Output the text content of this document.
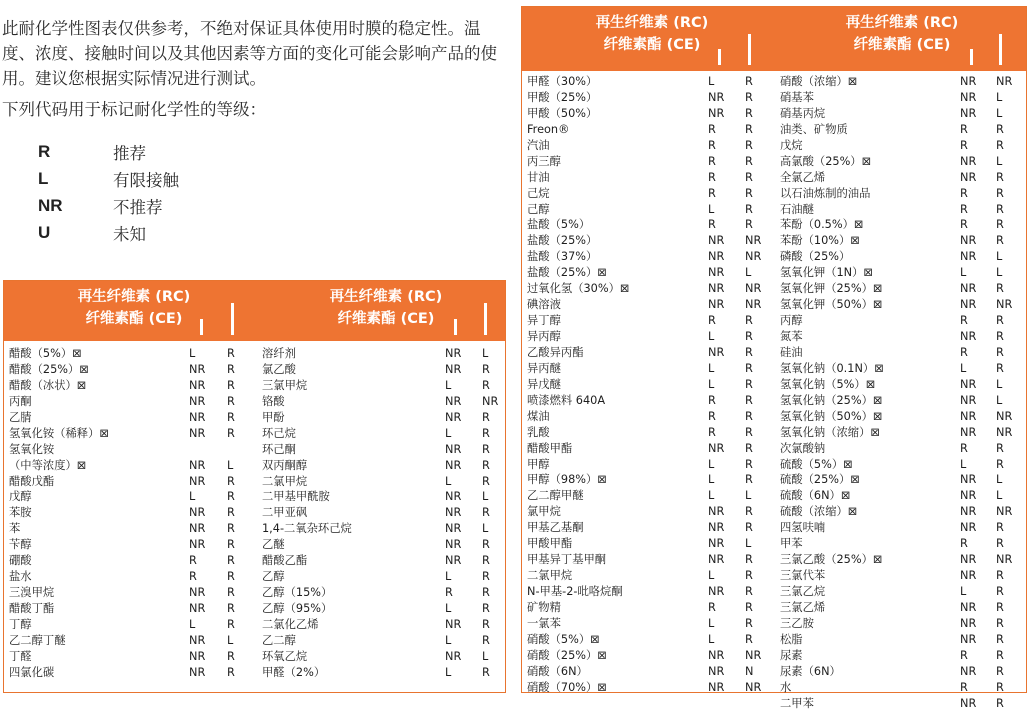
此耐化学性图表仅供参考，不绝对保证具体使用时膜的稳定性。温度、浓度、接触时间以及其他因素等方面的变化可能会影响产品的使用。建议您根据实际情况进行测试。

下列代码用于标记耐化学性的等级：

R	推荐
L	有限接触
NR	不推荐
U	未知
再生纤维素 (RC)
纤维素酯 (CE)
再生纤维素 (RC)
纤维素酯 (CE)
醋酸（5%）⊠	L	R
醋酸（25%）⊠	NR R
醋酸（冰状）⊠	NR R
丙酮	NR R
乙腈	NR R
氢氧化铵（稀释）⊠	NR R
氢氧化铵
（中等浓度）⊠	NR L
醋酸戊酯	NR R
戊醇	L	R
苯胺	NR R
苯	NR R
苄醇	NR R
硼酸	R	R
盐水	R	R
三溴甲烷	NR R
醋酸丁酯	NR R
丁醇	L	R
乙二醇丁醚	NR L
丁醛	NR R
四氯化碳	NR R
溶纤剂	NR L
氯乙酸	NR R
三氯甲烷	L	R
铬酸	NR NR
甲酚	NR R
环己烷	L	R
环己酮	NR R
双丙酮醇	NR R
二氯甲烷	L	R
二甲基甲酰胺	NR L
二甲亚砜	NR R
1,4-二氧杂环己烷	NR L
乙醚	NR R
醋酸乙酯	NR R
乙醇	L	R
乙醇（15%）	R	R
乙醇（95%）	L	R
二氯化乙烯	NR R
乙二醇	L	R
环氧乙烷	NR L
甲醛（2%）	L	R
再生纤维素 (RC)
纤维素酯 (CE)
再生纤维素 (RC)
纤维素酯 (CE)
甲醛（30%）	L	R
甲酸（25%）	NR R
甲酸（50%）	NR R
Freon®	R	R
汽油	R	R
丙三醇	R	R
甘油	R	R
己烷	R	R
己醇	L	R
盐酸（5%）	R	R
盐酸（25%）	NR NR
盐酸（37%）	NR NR
盐酸（25%）⊠	NR L
过氧化氢（30%）⊠	NR NR
碘溶液	NR NR
异丁醇	R	R
异丙醇	L	R
乙酸异丙酯	NR R
异丙醚	L	R
异戊醚	L	R
喷漆燃料 640A	R	R
煤油	R	R
乳酸	R	R
醋酸甲酯	NR R
甲醇	L	R
甲醇（98%）⊠	L	R
乙二醇甲醚	L	L
氯甲烷	NR R
甲基乙基酮	NR R
甲酸甲酯	NR L
甲基异丁基甲酮	NR R
二氯甲烷	L	R
N-甲基-2-吡咯烷酮	NR R
矿物精	R	R
一氯苯	L	R
硝酸（5%）⊠	L	R
硝酸（25%）⊠	NR NR
硝酸（6N）	NR N
硝酸（70%）⊠	NR NR
硝酸（浓缩）⊠	NR NR
硝基苯	NR L
硝基丙烷	NR L
油类、矿物质	R R
戊烷	R R
高氯酸（25%）⊠	NR L
全氯乙烯	NR R
以石油炼制的油品	R R
石油醚	R R
苯酚（0.5%）⊠	R R
苯酚（10%）⊠	NR R
磷酸（25%）	NR L
氢氧化钾（1N）⊠	L	L
氢氧化钾（25%）⊠	NR R
氢氧化钾（50%）⊠	NR NR
丙醇	R R
氮苯	NR R
硅油	R R
氢氧化钠（0.1N）⊠	L	R
氢氧化钠（5%）⊠	NR L
氢氧化钠（25%）⊠	NR L
氢氧化钠（50%）⊠	NR NR
氢氧化钠（浓缩）⊠	NR NR
次氯酸钠	R R
硫酸（5%）⊠	L	R
硫酸（25%）⊠	NR L
硫酸（6N）⊠	NR L
硫酸（浓缩）⊠	NR NR
四氢呋喃	NR R
甲苯	R R
三氯乙酸（25%）⊠	NR NR
三氯代苯	NR R
三氯乙烷	L	R
三氯乙烯	NR R
三乙胺	NR R
松脂	NR R
尿素	R R
尿素（6N）	NR R
水	R R
二甲苯	NR R
